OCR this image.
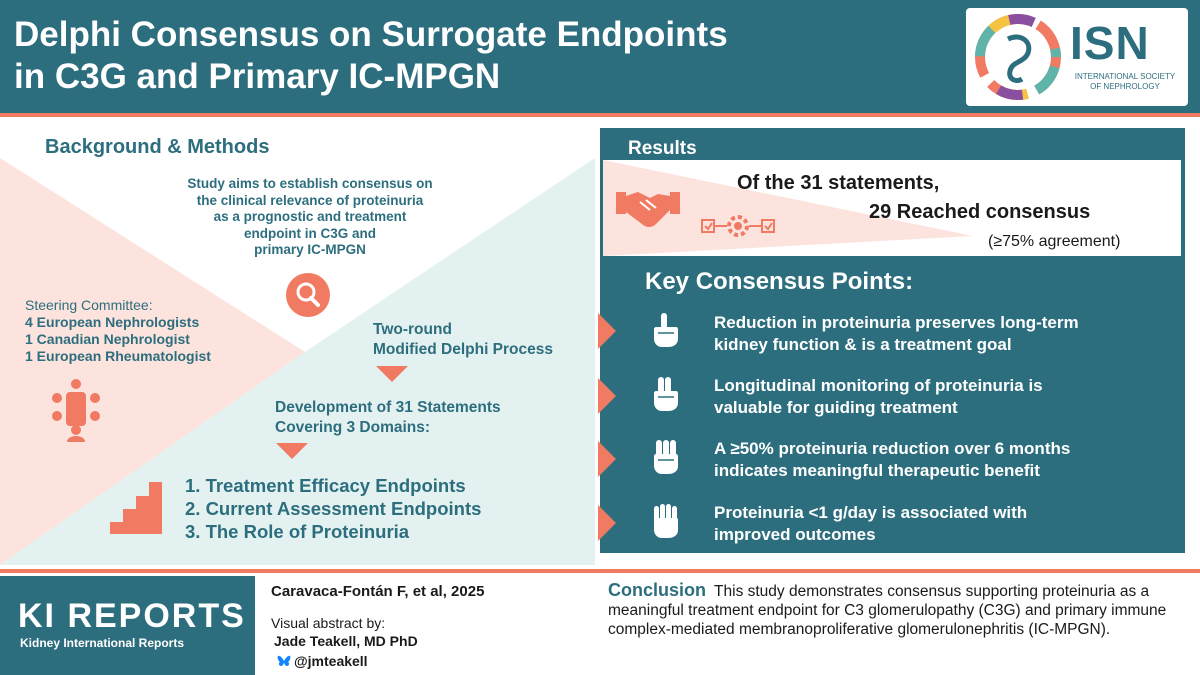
Delphi Consensus on Surrogate Endpoints
in C3G and Primary IC-MPGN
ISN
INTERNATIONAL SOCIETY
OF NEPHROLOGY
Background & Methods
Study aims to establish consensus on
the clinical relevance of proteinuria
as a prognostic and treatment
endpoint in C3G and
primary IC-MPGN
Steering Committee:
4 European Nephrologists
1 Canadian Nephrologist
1 European Rheumatologist
Two-round
Modified Delphi Process
Development of 31 Statements
Covering 3 Domains:
1. Treatment Efficacy Endpoints
2. Current Assessment Endpoints
3. The Role of Proteinuria
Results
Of the 31 statements,
29 Reached consensus
(≥75% agreement)
Key Consensus Points:
Reduction in proteinuria preserves long-term
kidney function & is a treatment goal
Longitudinal monitoring of proteinuria is
valuable for guiding treatment
A ≥50% proteinuria reduction over 6 months
indicates meaningful therapeutic benefit
Proteinuria <1 g/day is associated with
improved outcomes
KI REPORTS
Kidney International Reports
Caravaca-Fontán F, et al, 2025
Visual abstract by:
Jade Teakell, MD PhD
@jmteakell
Conclusion This study demonstrates consensus supporting proteinuria as a meaningful treatment endpoint for C3 glomerulopathy (C3G) and primary immune complex-mediated membranoproliferative glomerulonephritis (IC-MPGN).
